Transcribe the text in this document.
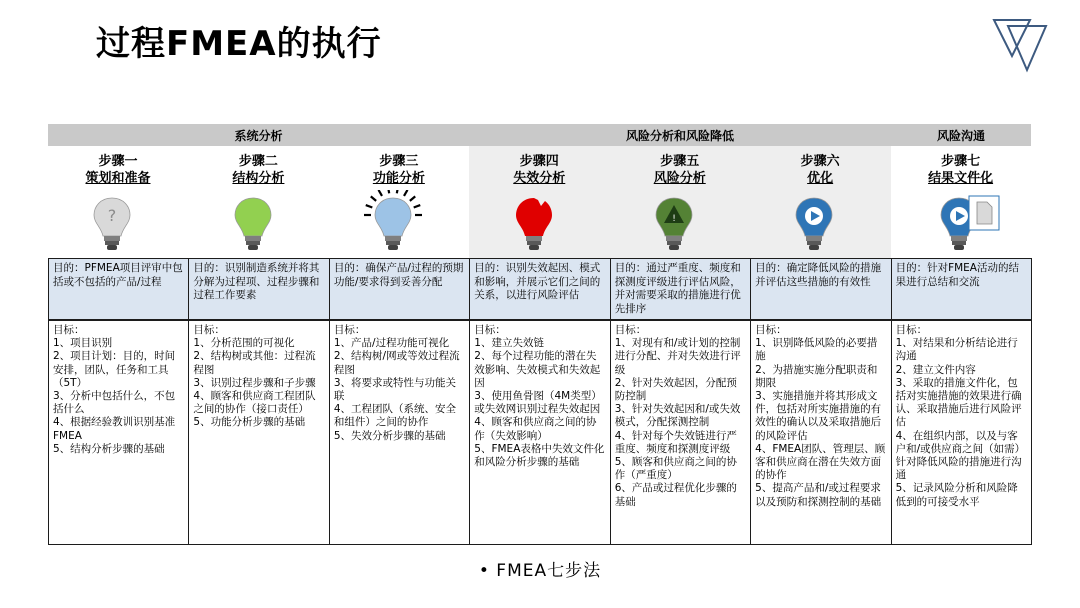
过程FMEA的执行
系统分析	风险分析和风险降低	风险沟通
步骤一
策划和准备
?
目的：PFMEA项目评审中包括或不包括的产品/过程
目标：
1、项目识别
2、项目计划：目的，时间安排，团队，任务和工具（5T）
3、分析中包括什么，不包括什么
4、根据经验教训识别基准FMEA
5、结构分析步骤的基础
步骤二
结构分析
目的：识别制造系统并将其分解为过程项、过程步骤和过程工作要素
目标：
1、分析范围的可视化
2、结构树或其他：过程流程图
3、识别过程步骤和子步骤
4、顾客和供应商工程团队之间的协作（接口责任）
5、功能分析步骤的基础
步骤三
功能分析
目的：确保产品/过程的预期功能/要求得到妥善分配
目标：
1、产品/过程功能可视化
2、结构树/网或等效过程流程图
3、将要求或特性与功能关联
4、工程团队（系统、安全和组件）之间的协作
5、失效分析步骤的基础
步骤四
失效分析
目的：识别失效起因、模式和影响，并展示它们之间的关系，以进行风险评估
目标：
1、建立失效链
2、每个过程功能的潜在失效影响、失效模式和失效起因
3、使用鱼骨图（4M类型）或失效网识别过程失效起因
4、顾客和供应商之间的协作（失效影响）
5、FMEA表格中失效文件化和风险分析步骤的基础
步骤五
风险分析
!
目的：通过严重度、频度和探测度评级进行评估风险，并对需要采取的措施进行优先排序
目标：
1、对现有和/或计划的控制进行分配、并对失效进行评级
2、针对失效起因，分配预防控制
3、针对失效起因和/或失效模式，分配探测控制
4、针对每个失效链进行严重度、频度和探测度评级
5、顾客和供应商之间的协作（严重度）
6、产品或过程优化步骤的基础
步骤六
优化
目的：确定降低风险的措施并评估这些措施的有效性
目标：
1、识别降低风险的必要措施
2、为措施实施分配职责和期限
3、实施措施并将其形成文件，包括对所实施措施的有效性的确认以及采取措施后的风险评估
4、FMEA团队、管理层、顾客和供应商在潜在失效方面的协作
5、提高产品和/或过程要求以及预防和探测控制的基础
步骤七
结果文件化
目的：针对FMEA活动的结果进行总结和交流
目标：
1、对结果和分析结论进行沟通
2、建立文件内容
3、采取的措施文件化，包括对实施措施的效果进行确认、采取措施后进行风险评估
4、在组织内部，以及与客户和/或供应商之间（如需）针对降低风险的措施进行沟通
5、记录风险分析和风险降低到的可接受水平
• FMEA七步法
